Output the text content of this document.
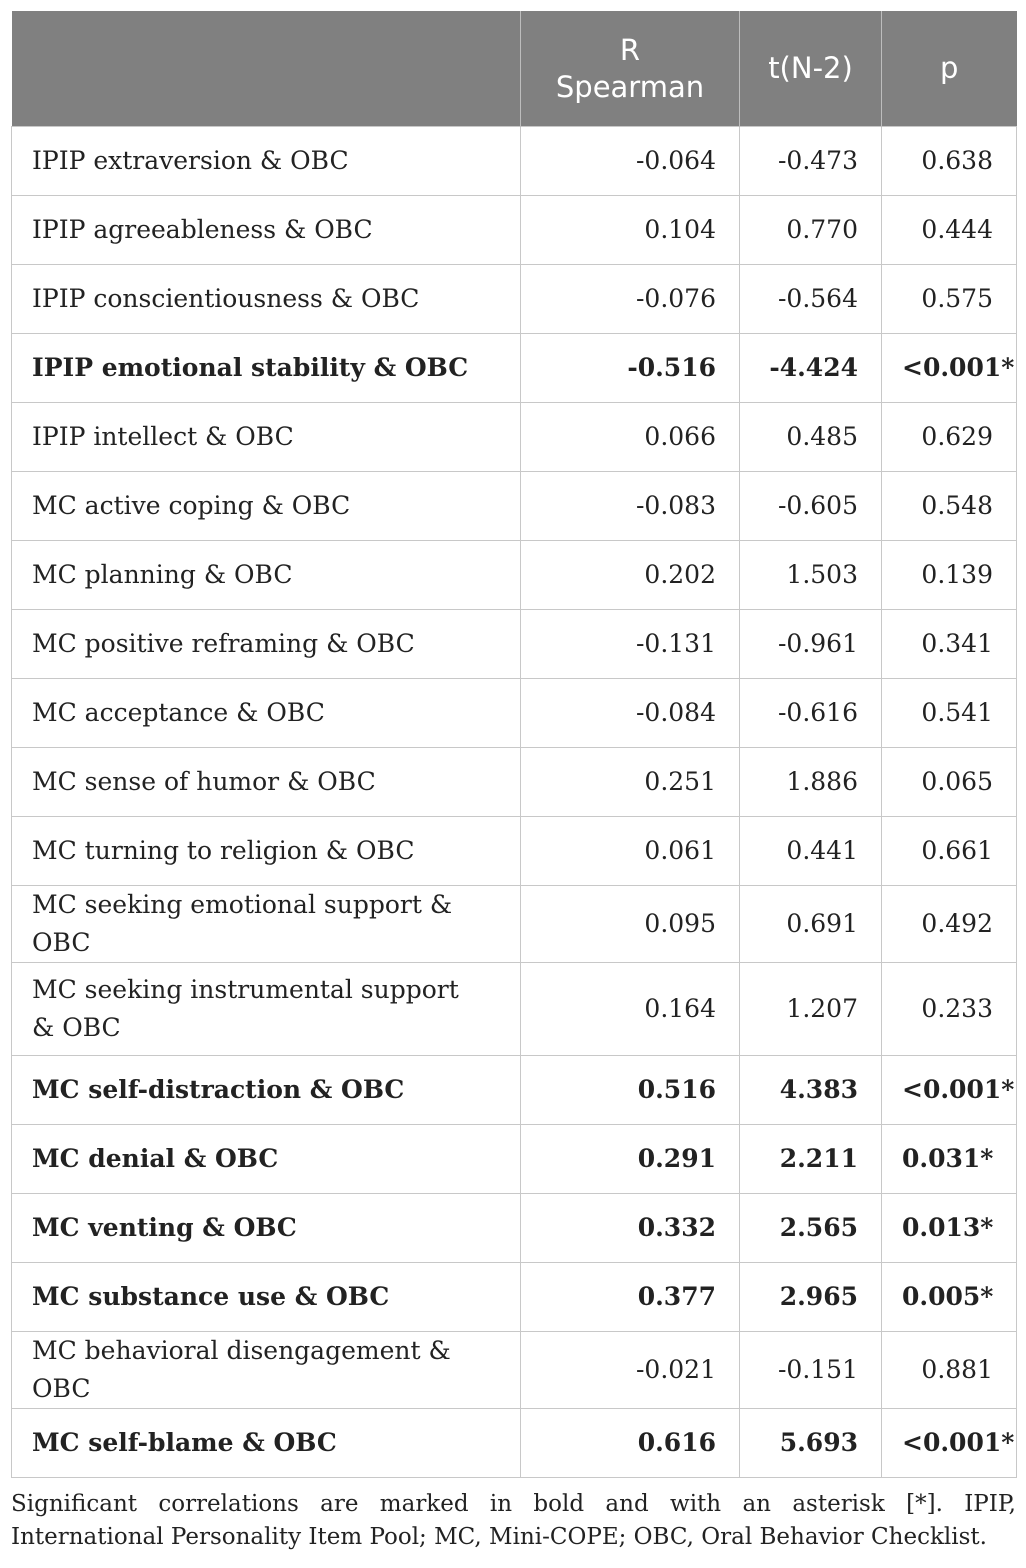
	R
Spearman	t(N-2)	p
IPIP extraversion & OBC	-0.064	-0.473	0.638
IPIP agreeableness & OBC	0.104	0.770	0.444
IPIP conscientiousness & OBC	-0.076	-0.564	0.575
IPIP emotional stability & OBC	-0.516	-4.424	<0.001*
IPIP intellect & OBC	0.066	0.485	0.629
MC active coping & OBC	-0.083	-0.605	0.548
MC planning & OBC	0.202	1.503	0.139
MC positive reframing & OBC	-0.131	-0.961	0.341
MC acceptance & OBC	-0.084	-0.616	0.541
MC sense of humor & OBC	0.251	1.886	0.065
MC turning to religion & OBC	0.061	0.441	0.661
MC seeking emotional support & OBC	0.095	0.691	0.492
MC seeking instrumental support
& OBC	0.164	1.207	0.233
MC self-distraction & OBC	0.516	4.383	<0.001*
MC denial & OBC	0.291	2.211	0.031*
MC venting & OBC	0.332	2.565	0.013*
MC substance use & OBC	0.377	2.965	0.005*
MC behavioral disengagement & OBC	-0.021	-0.151	0.881
MC self-blame & OBC	0.616	5.693	<0.001*
Significant correlations are marked in bold and with an asterisk [*]. IPIP, International Personality Item Pool; MC, Mini-COPE; OBC, Oral Behavior Checklist.
